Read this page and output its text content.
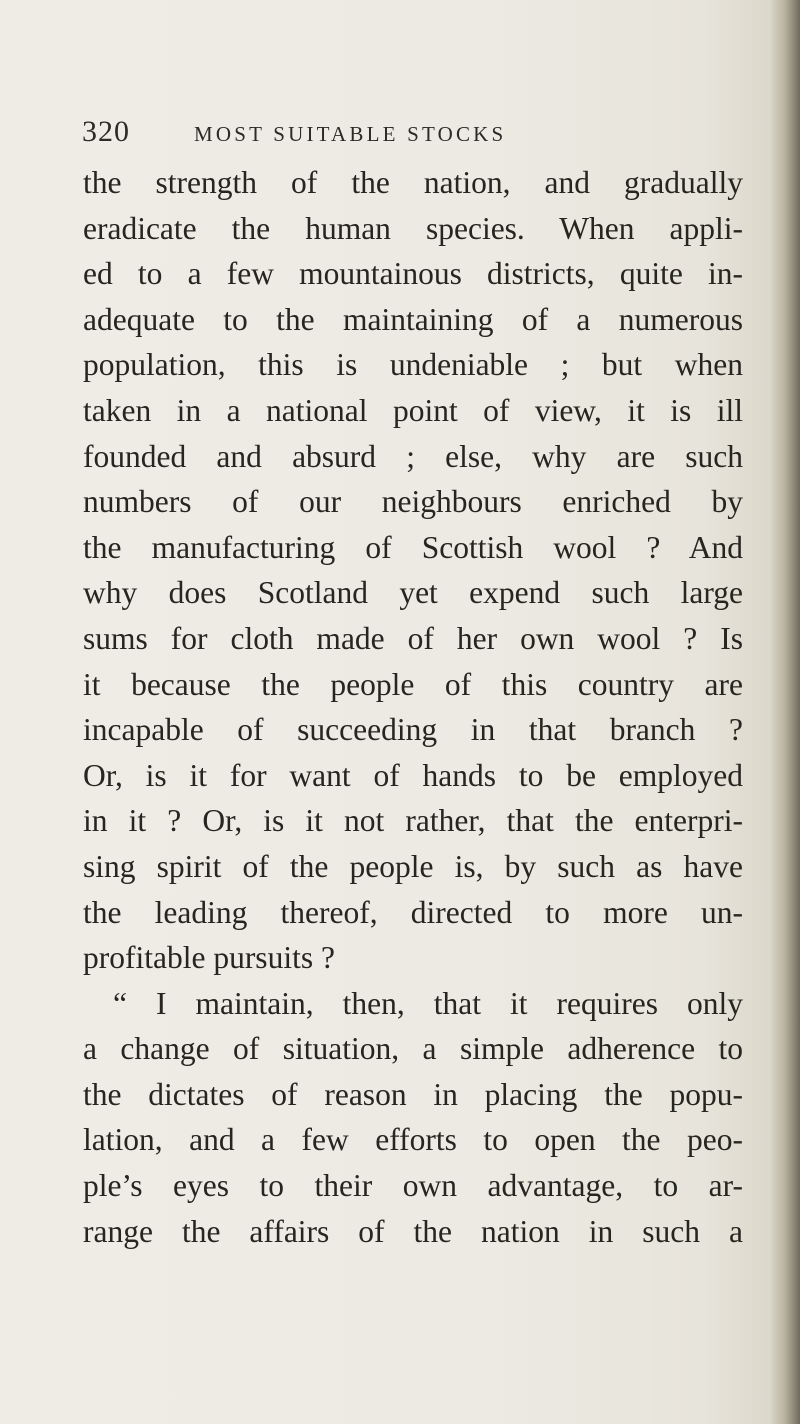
320	MOST SUITABLE STOCKS
the strength of the nation, and gradually
eradicate the human species. When appli-
ed to a few mountainous districts, quite in-
adequate to the maintaining of a numerous
population, this is undeniable ; but when
taken in a national point of view, it is ill
founded and absurd ; else, why are such
numbers of our neighbours enriched by
the manufacturing of Scottish wool ? And
why does Scotland yet expend such large
sums for cloth made of her own wool ? Is
it because the people of this country are
incapable of succeeding in that branch ?
Or, is it for want of hands to be employed
in it ? Or, is it not rather, that the enterpri-
sing spirit of the people is, by such as have
the leading thereof, directed to more un-
profitable pursuits ?
“ I maintain, then, that it requires only
a change of situation, a simple adherence to
the dictates of reason in placing the popu-
lation, and a few efforts to open the peo-
ple’s eyes to their own advantage, to ar-
range the affairs of the nation in such a
